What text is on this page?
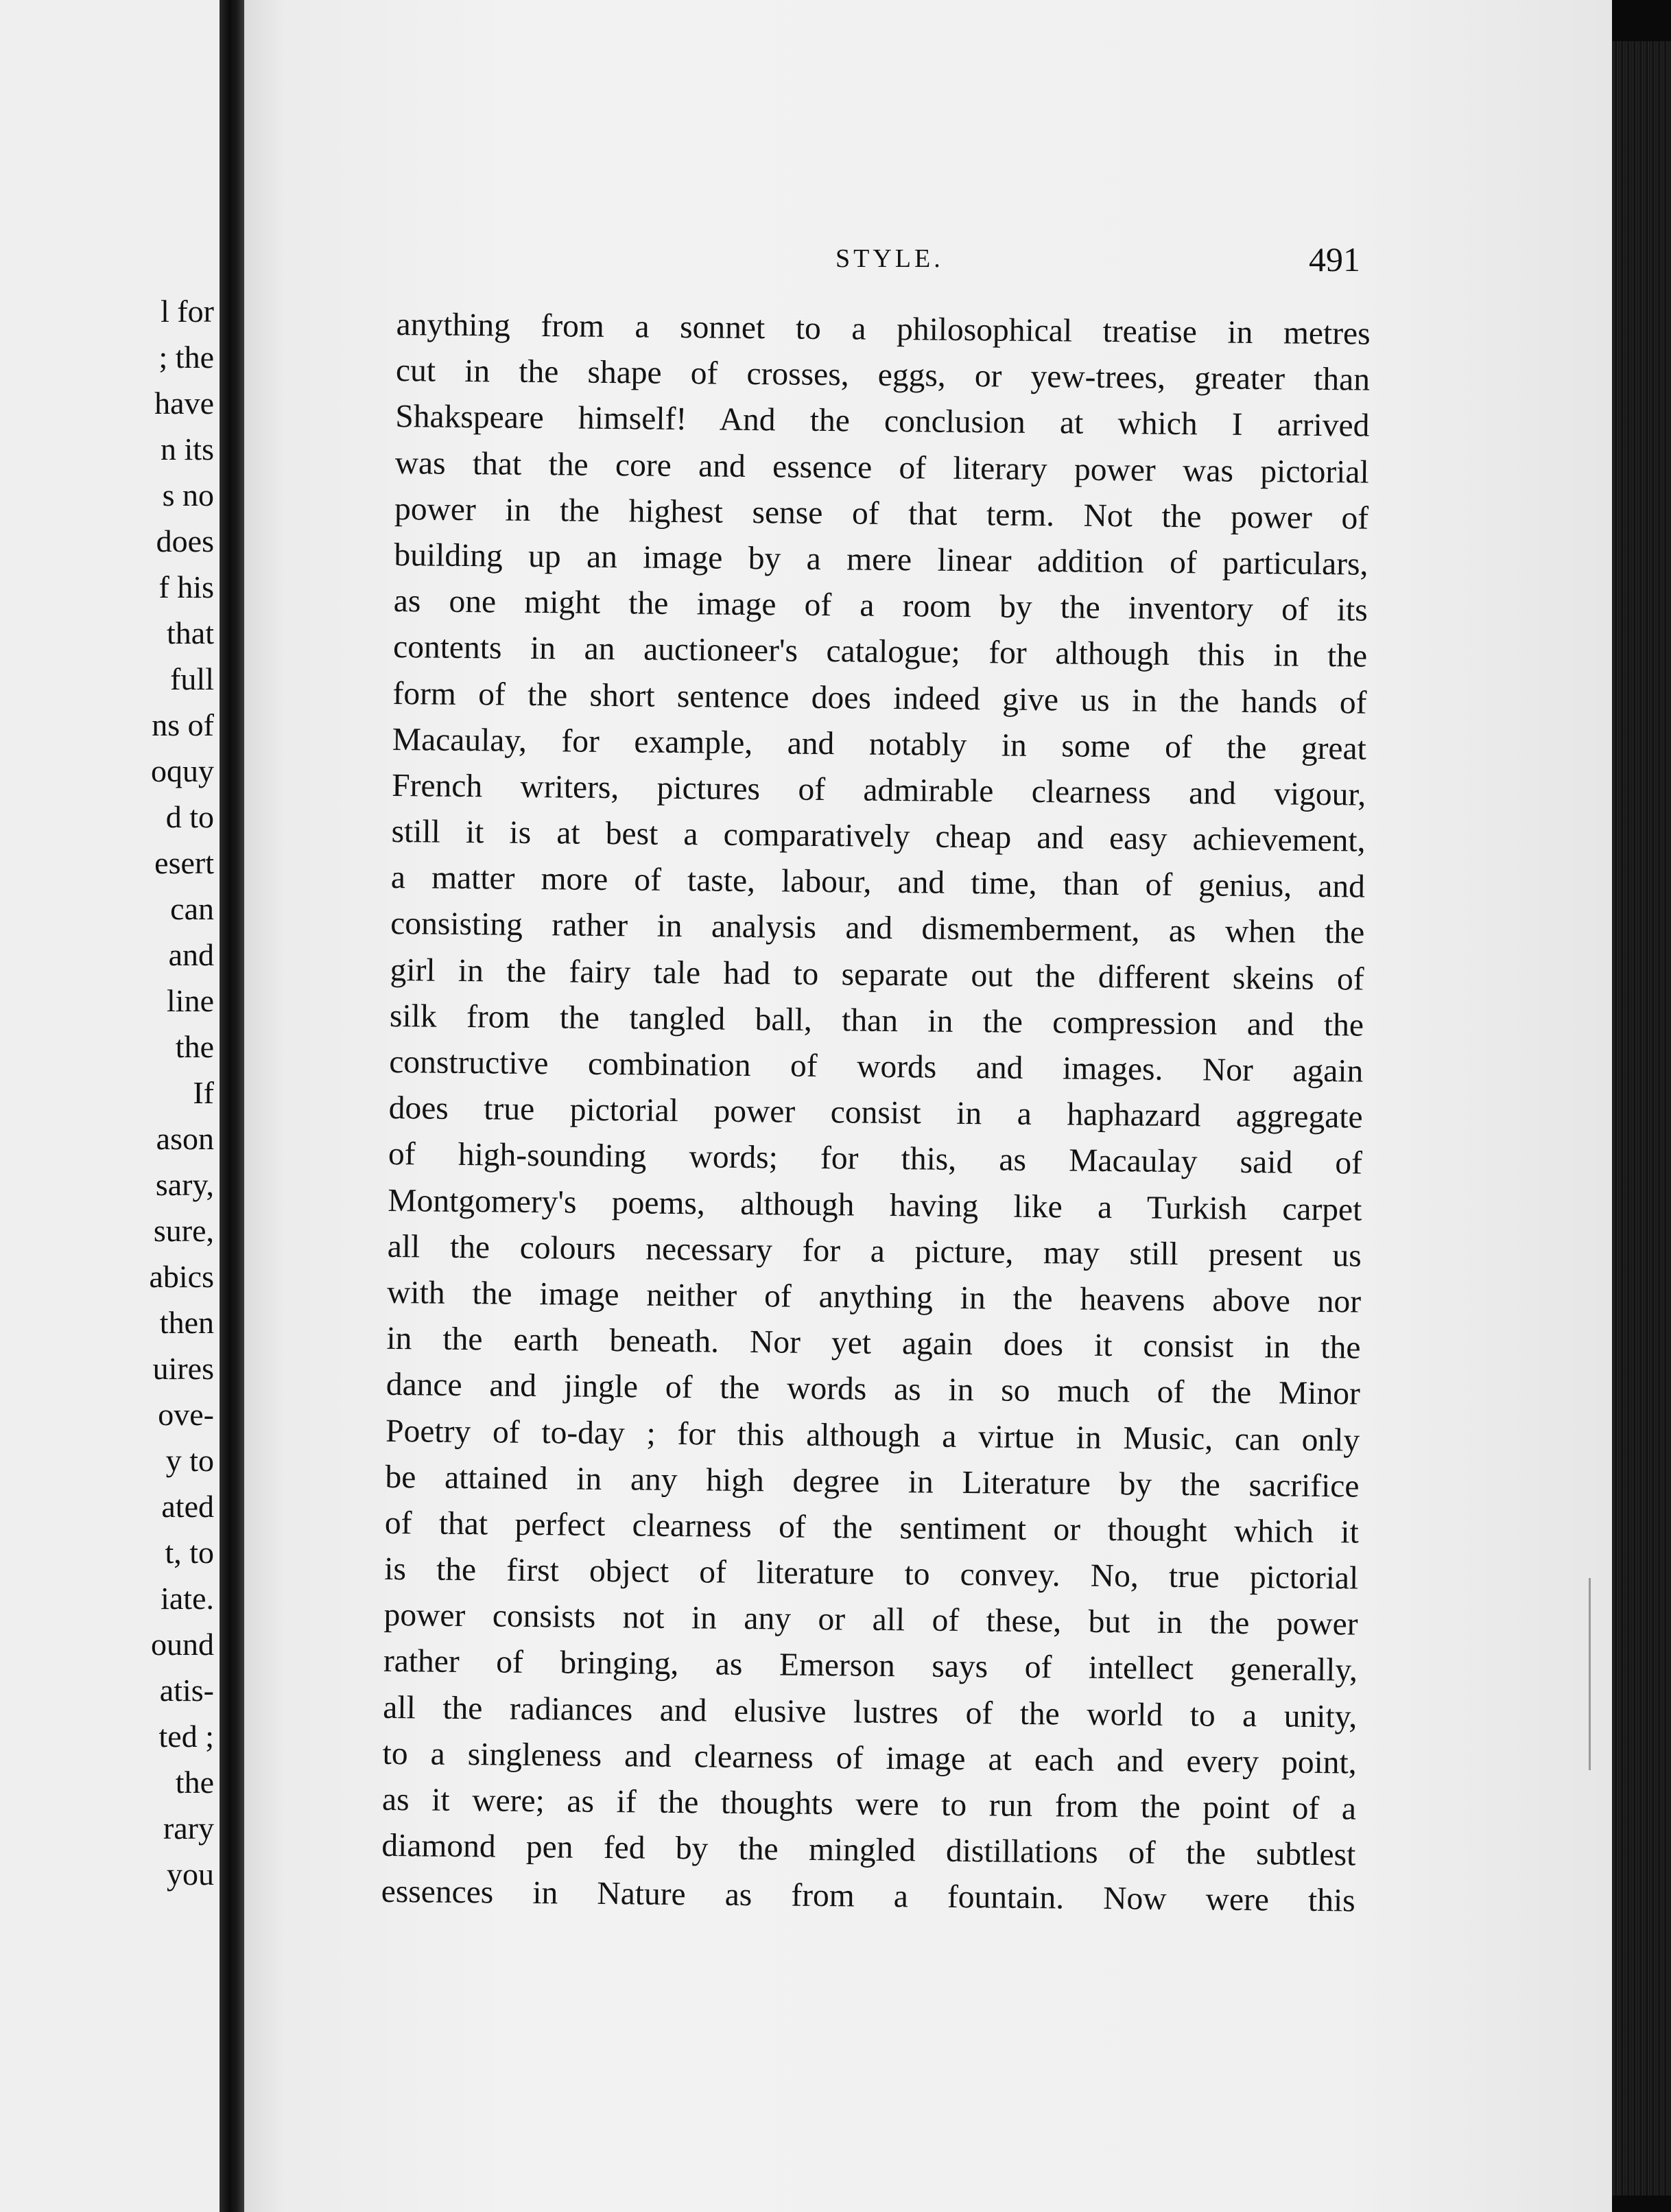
l for
; the
have
n its
s no
does
f his
that
full
ns of
oquy
d to
esert
can
and
line
the
If
ason
sary,
sure,
abics
then
uires
ove-
y to
ated
t, to
iate.
ound
atis-
ted ;
the
rary
you
STYLE.	491
anything from a sonnet to a philosophical treatise in metres
cut in the shape of crosses, eggs, or yew-trees, greater than
Shakspeare himself! And the conclusion at which I arrived
was that the core and essence of literary power was pictorial
power in the highest sense of that term. Not the power of
building up an image by a mere linear addition of particulars,
as one might the image of a room by the inventory of its
contents in an auctioneer's catalogue; for although this in the
form of the short sentence does indeed give us in the hands of
Macaulay, for example, and notably in some of the great
French writers, pictures of admirable clearness and vigour,
still it is at best a comparatively cheap and easy achievement,
a matter more of taste, labour, and time, than of genius, and
consisting rather in analysis and dismemberment, as when the
girl in the fairy tale had to separate out the different skeins of
silk from the tangled ball, than in the compression and the
constructive combination of words and images. Nor again
does true pictorial power consist in a haphazard aggregate
of high-sounding words; for this, as Macaulay said of
Montgomery's poems, although having like a Turkish carpet
all the colours necessary for a picture, may still present us
with the image neither of anything in the heavens above nor
in the earth beneath. Nor yet again does it consist in the
dance and jingle of the words as in so much of the Minor
Poetry of to-day ; for this although a virtue in Music, can only
be attained in any high degree in Literature by the sacrifice
of that perfect clearness of the sentiment or thought which it
is the first object of literature to convey. No, true pictorial
power consists not in any or all of these, but in the power
rather of bringing, as Emerson says of intellect generally,
all the radiances and elusive lustres of the world to a unity,
to a singleness and clearness of image at each and every point,
as it were; as if the thoughts were to run from the point of a
diamond pen fed by the mingled distillations of the subtlest
essences in Nature as from a fountain. Now were this
